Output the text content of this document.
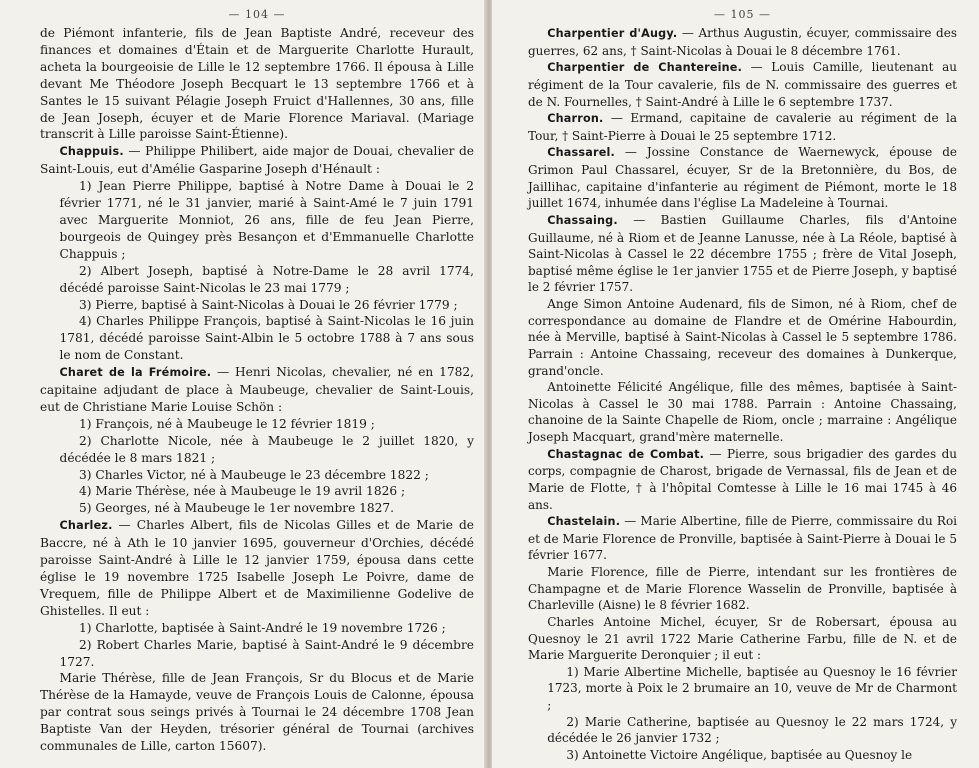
— 104 —

de Piémont infanterie, fils de Jean Baptiste André, receveur des finances et domaines d'Étain et de Marguerite Charlotte Hurault, acheta la bourgeoisie de Lille le 12 septembre 1766. Il épousa à Lille devant Me Théodore Joseph Becquart le 13 septembre 1766 et à Santes le 15 suivant Pélagie Joseph Fruict d'Hallennes, 30 ans, fille de Jean Joseph, écuyer et de Marie Florence Mariaval. (Mariage transcrit à Lille paroisse Saint-Étienne).

Chappuis. — Philippe Philibert, aide major de Douai, chevalier de Saint-Louis, eut d'Amélie Gasparine Joseph d'Hénault :

1) Jean Pierre Philippe, baptisé à Notre Dame à Douai le 2 février 1771, né le 31 janvier, marié à Saint-Amé le 7 juin 1791 avec Marguerite Monniot, 26 ans, fille de feu Jean Pierre, bourgeois de Quingey près Besançon et d'Emmanuelle Charlotte Chappuis ;

2) Albert Joseph, baptisé à Notre-Dame le 28 avril 1774, décédé paroisse Saint-Nicolas le 23 mai 1779 ;

3) Pierre, baptisé à Saint-Nicolas à Douai le 26 février 1779 ;

4) Charles Philippe François, baptisé à Saint-Nicolas le 16 juin 1781, décédé paroisse Saint-Albin le 5 octobre 1788 à 7 ans sous le nom de Constant.

Charet de la Frémoire. — Henri Nicolas, chevalier, né en 1782, capitaine adjudant de place à Maubeuge, chevalier de Saint-Louis, eut de Christiane Marie Louise Schön :

1) François, né à Maubeuge le 12 février 1819 ;

2) Charlotte Nicole, née à Maubeuge le 2 juillet 1820, y décédée le 8 mars 1821 ;

3) Charles Victor, né à Maubeuge le 23 décembre 1822 ;

4) Marie Thérèse, née à Maubeuge le 19 avril 1826 ;

5) Georges, né à Maubeuge le 1er novembre 1827.

Charlez. — Charles Albert, fils de Nicolas Gilles et de Marie de Baccre, né à Ath le 10 janvier 1695, gouverneur d'Orchies, décédé paroisse Saint-André à Lille le 12 janvier 1759, épousa dans cette église le 19 novembre 1725 Isabelle Joseph Le Poivre, dame de Vrequem, fille de Philippe Albert et de Maximilienne Godelive de Ghistelles. Il eut :

1) Charlotte, baptisée à Saint-André le 19 novembre 1726 ;

2) Robert Charles Marie, baptisé à Saint-André le 9 décembre 1727.

Marie Thérèse, fille de Jean François, Sr du Blocus et de Marie Thérèse de la Hamayde, veuve de François Louis de Calonne, épousa par contrat sous seings privés à Tournai le 24 décembre 1708 Jean Baptiste Van der Heyden, trésorier général de Tournai (archives communales de Lille, carton 15607).

— 105 —

Charpentier d'Augy. — Arthus Augustin, écuyer, commissaire des guerres, 62 ans, † Saint-Nicolas à Douai le 8 décembre 1761.

Charpentier de Chantereine. — Louis Camille, lieutenant au régiment de la Tour cavalerie, fils de N. commissaire des guerres et de N. Fournelles, † Saint-André à Lille le 6 septembre 1737.

Charron. — Ermand, capitaine de cavalerie au régiment de la Tour, † Saint-Pierre à Douai le 25 septembre 1712.

Chassarel. — Jossine Constance de Waernewyck, épouse de Grimon Paul Chassarel, écuyer, Sr de la Bretonnière, du Bos, de Jaillihac, capitaine d'infanterie au régiment de Piémont, morte le 18 juillet 1674, inhumée dans l'église La Madeleine à Tournai.

Chassaing. — Bastien Guillaume Charles, fils d'Antoine Guillaume, né à Riom et de Jeanne Lanusse, née à La Réole, baptisé à Saint-Nicolas à Cassel le 22 décembre 1755 ; frère de Vital Joseph, baptisé même église le 1er janvier 1755 et de Pierre Joseph, y baptisé le 2 février 1757.

Ange Simon Antoine Audenard, fils de Simon, né à Riom, chef de correspondance au domaine de Flandre et de Omérine Habourdin, née à Merville, baptisé à Saint-Nicolas à Cassel le 5 septembre 1786. Parrain : Antoine Chassaing, receveur des domaines à Dunkerque, grand'oncle.

Antoinette Félicité Angélique, fille des mêmes, baptisée à Saint-Nicolas à Cassel le 30 mai 1788. Parrain : Antoine Chassaing, chanoine de la Sainte Chapelle de Riom, oncle ; marraine : Angélique Joseph Macquart, grand'mère maternelle.

Chastagnac de Combat. — Pierre, sous brigadier des gardes du corps, compagnie de Charost, brigade de Vernassal, fils de Jean et de Marie de Flotte, † à l'hôpital Comtesse à Lille le 16 mai 1745 à 46 ans.

Chastelain. — Marie Albertine, fille de Pierre, commissaire du Roi et de Marie Florence de Pronville, baptisée à Saint-Pierre à Douai le 5 février 1677.

Marie Florence, fille de Pierre, intendant sur les frontières de Champagne et de Marie Florence Wasselin de Pronville, baptisée à Charleville (Aisne) le 8 février 1682.

Charles Antoine Michel, écuyer, Sr de Robersart, épousa au Quesnoy le 21 avril 1722 Marie Catherine Farbu, fille de N. et de Marie Marguerite Deronquier ; il eut :

1) Marie Albertine Michelle, baptisée au Quesnoy le 16 février 1723, morte à Poix le 2 brumaire an 10, veuve de Mr de Charmont ;

2) Marie Catherine, baptisée au Quesnoy le 22 mars 1724, y décédée le 26 janvier 1732 ;

3) Antoinette Victoire Angélique, baptisée au Quesnoy le
